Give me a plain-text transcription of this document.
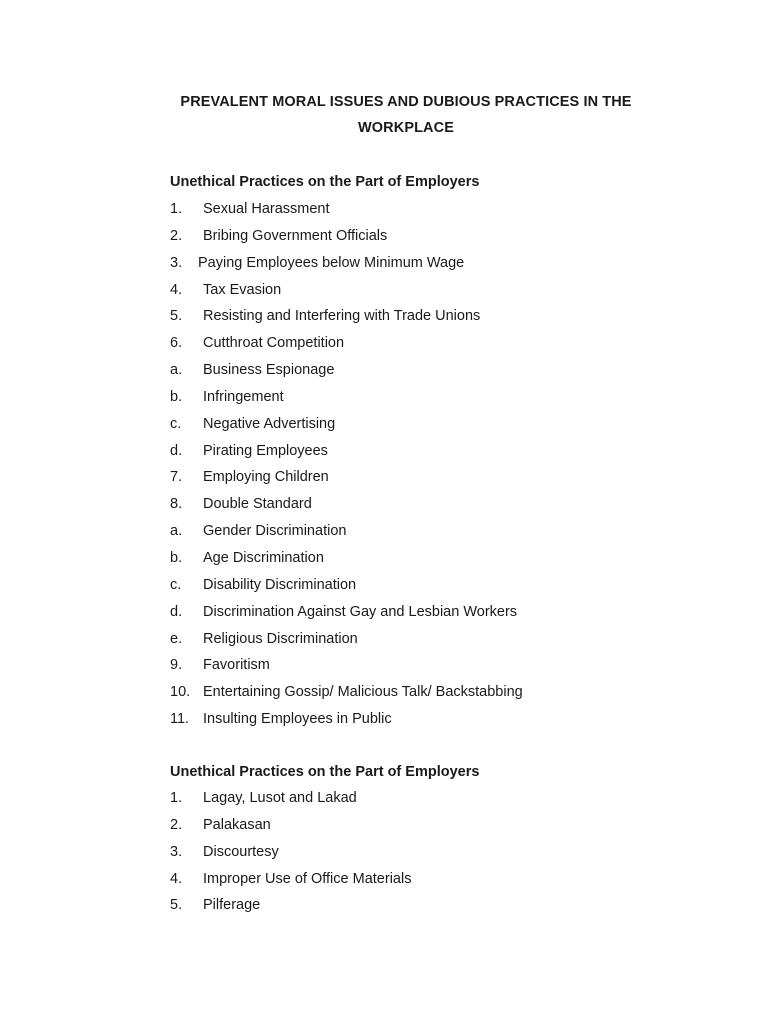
PREVALENT MORAL ISSUES AND DUBIOUS PRACTICES IN THE
WORKPLACE
Unethical Practices on the Part of Employers
1. Sexual Harassment
2. Bribing Government Officials
3. Paying Employees below Minimum Wage
4. Tax Evasion
5. Resisting and Interfering with Trade Unions
6. Cutthroat Competition
a. Business Espionage
b. Infringement
c. Negative Advertising
d. Pirating Employees
7. Employing Children
8. Double Standard
a. Gender Discrimination
b. Age Discrimination
c. Disability Discrimination
d. Discrimination Against Gay and Lesbian Workers
e. Religious Discrimination
9. Favoritism
10. Entertaining Gossip/ Malicious Talk/ Backstabbing
11. Insulting Employees in Public
Unethical Practices on the Part of Employers
1. Lagay, Lusot and Lakad
2. Palakasan
3. Discourtesy
4. Improper Use of Office Materials
5. Pilferage
